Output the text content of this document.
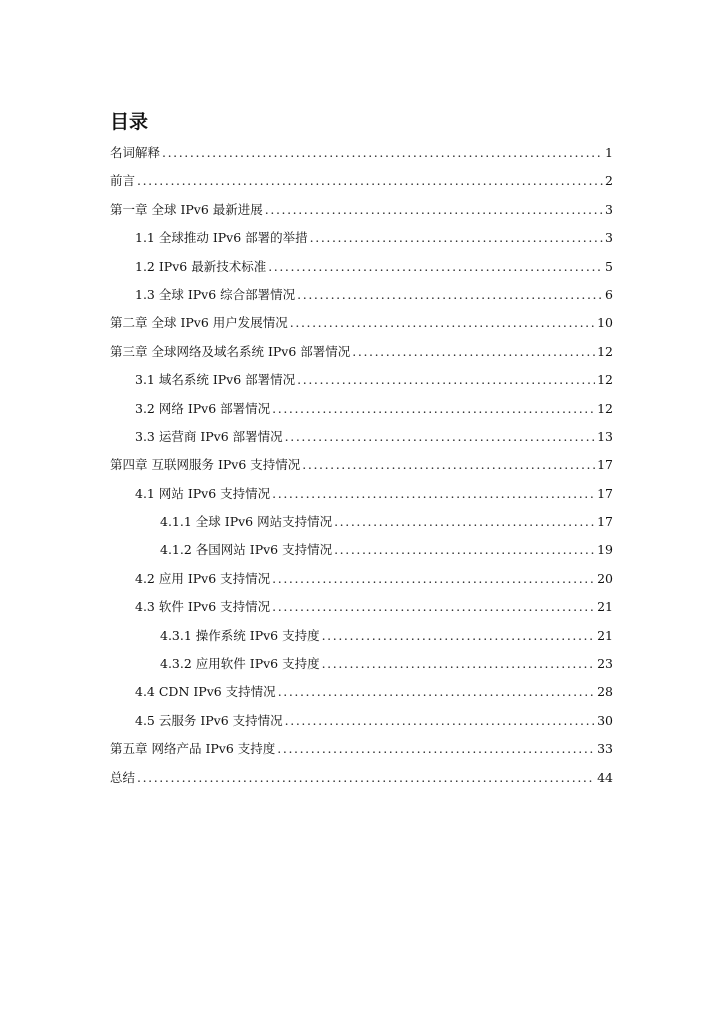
目录
名词解释 .....	1
前言 .....	2
第一章 全球 IPv6 最新进展 .....	3
1.1 全球推动 IPv6 部署的举措 .....	3
1.2 IPv6 最新技术标准 .....	5
1.3 全球 IPv6 综合部署情况 .....	6
第二章 全球 IPv6 用户发展情况 .....	10
第三章 全球网络及域名系统 IPv6 部署情况 .....	12
3.1 域名系统 IPv6 部署情况 .....	12
3.2 网络 IPv6 部署情况 .....	12
3.3 运营商 IPv6 部署情况 .....	13
第四章 互联网服务 IPv6 支持情况 .....	17
4.1 网站 IPv6 支持情况 .....	17
4.1.1 全球 IPv6 网站支持情况 .....	17
4.1.2 各国网站 IPv6 支持情况 .....	19
4.2 应用 IPv6 支持情况 .....	20
4.3 软件 IPv6 支持情况 .....	21
4.3.1 操作系统 IPv6 支持度 .....	21
4.3.2 应用软件 IPv6 支持度 .....	23
4.4 CDN IPv6 支持情况 .....	28
4.5 云服务 IPv6 支持情况 .....	30
第五章 网络产品 IPv6 支持度 .....	33
总结 .....	44
